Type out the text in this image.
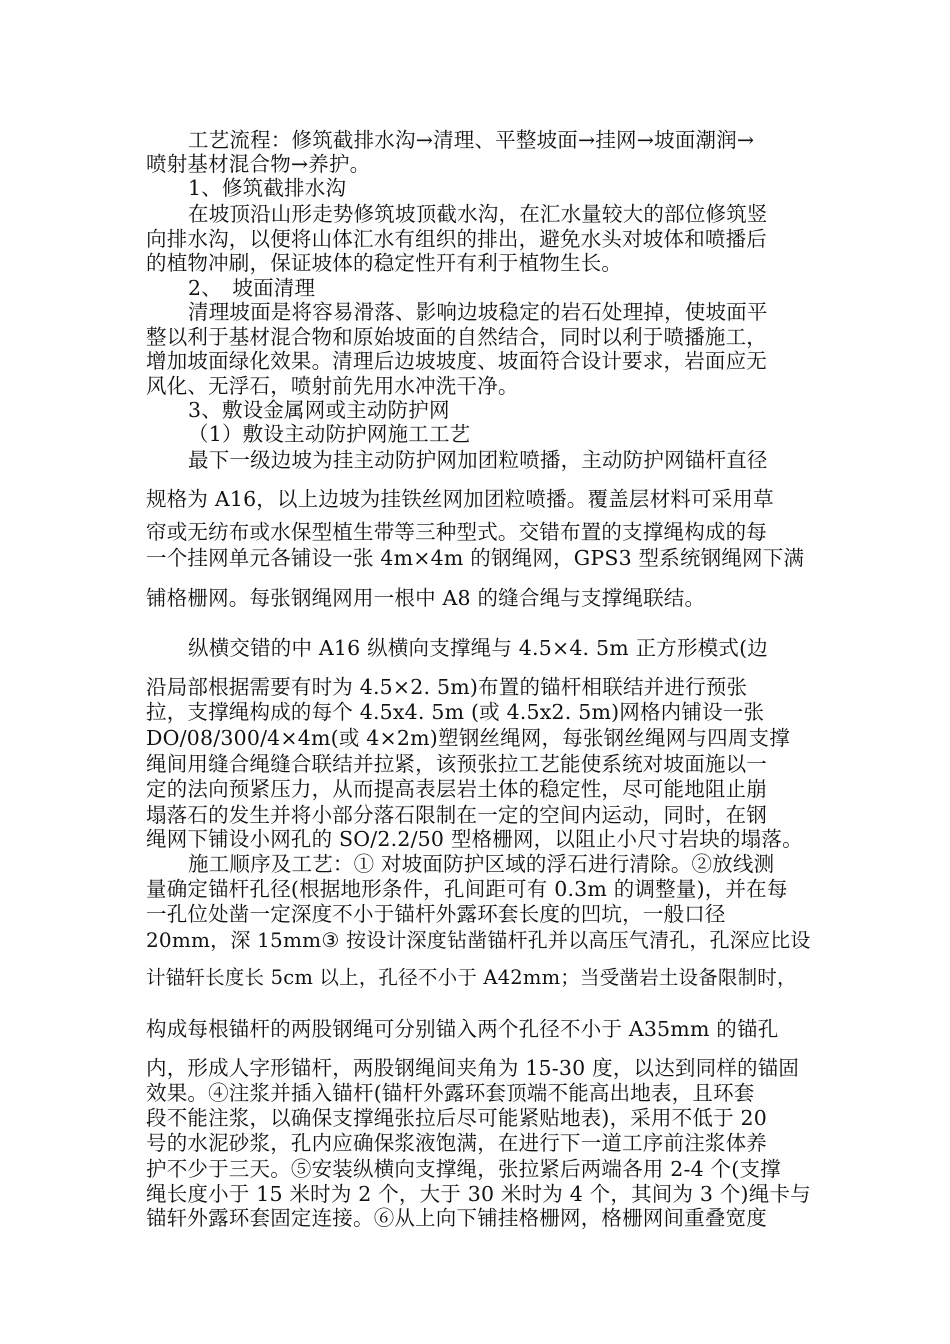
工艺流程：修筑截排水沟→清理、平整坡面→挂网→坡面潮润→
喷射基材混合物→养护。
1、修筑截排水沟
在坡顶沿山形走势修筑坡顶截水沟，在汇水量较大的部位修筑竖
向排水沟，以便将山体汇水有组织的排出，避免水头对坡体和喷播后
的植物冲刷，保证坡体的稳定性幵有利于植物生长。
2、　坡面清理
清理坡面是将容易滑落、影响边坡稳定的岩石处理掉，使坡面平
整以利于基材混合物和原始坡面的自然结合，同时以利于喷播施工，
增加坡面绿化效果。清理后边坡坡度、坡面符合设计要求，岩面应无
风化、无浮石，喷射前先用水冲洗干净。
3、敷设金属网或主动防护网
（1）敷设主动防护网施工工艺
最下一级边坡为挂主动防护网加团粒喷播，主动防护网锚杆直径
规格为 A16，以上边坡为挂铁丝网加团粒喷播。覆盖层材料可采用草
帘或无纺布或水保型植生带等三种型式。交错布置的支撑绳构成的每
一个挂网单元各铺设一张 4m×4m 的钢绳网，GPS3 型系统钢绳网下满
铺格栅网。每张钢绳网用一根中 A8 的缝合绳与支撑绳联结。
纵横交错的中 A16 纵横向支撑绳与 4.5×4. 5m 正方形模式(边
沿局部根据需要有时为 4.5×2. 5m)布置的锚杆相联结并进行预张
拉，支撑绳构成的每个 4.5x4. 5m (或 4.5x2. 5m)网格内铺设一张
DO/08/300/4×4m(或 4×2m)塑钢丝绳网，每张钢丝绳网与四周支撑
绳间用缝合绳缝合联结并拉紧，该预张拉工艺能使系统对坡面施以一
定的法向预紧压力，从而提高表层岩土体的稳定性，尽可能地阻止崩
塌落石的发生并将小部分落石限制在一定的空间内运动，同时，在钢
绳网下铺设小网孔的 SO/2.2/50 型格栅网，以阻止小尺寸岩块的塌落。
施工顺序及工艺：① 对坡面防护区域的浮石进行清除。②放线测
量确定锚杆孔径(根据地形条件，孔间距可有 0.3m 的调整量)，并在每
一孔位处凿一定深度不小于锚杆外露环套长度的凹坑，一般口径
20mm，深 15mm③ 按设计深度钻凿锚杆孔并以高压气清孔，孔深应比设
计锚轩长度长 5cm 以上，孔径不小于 A42mm；当受凿岩土设备限制时，
构成每根锚杆的两股钢绳可分别锚入两个孔径不小于 A35mm 的锚孔
内，形成人字形锚杆，两股钢绳间夹角为 15-30 度，以达到同样的锚固
效果。④注浆并插入锚杆(锚杆外露环套顶端不能高出地表，且环套
段不能注浆，以确保支撑绳张拉后尽可能紧贴地表)，采用不低于 20
号的水泥砂浆，孔内应确保浆液饱满，在进行下一道工序前注浆体养
护不少于三天。⑤安装纵横向支撑绳，张拉紧后两端各用 2-4 个(支撑
绳长度小于 15 米时为 2 个，大于 30 米时为 4 个，其间为 3 个)绳卡与
锚轩外露环套固定连接。⑥从上向下铺挂格栅网，格栅网间重叠宽度
